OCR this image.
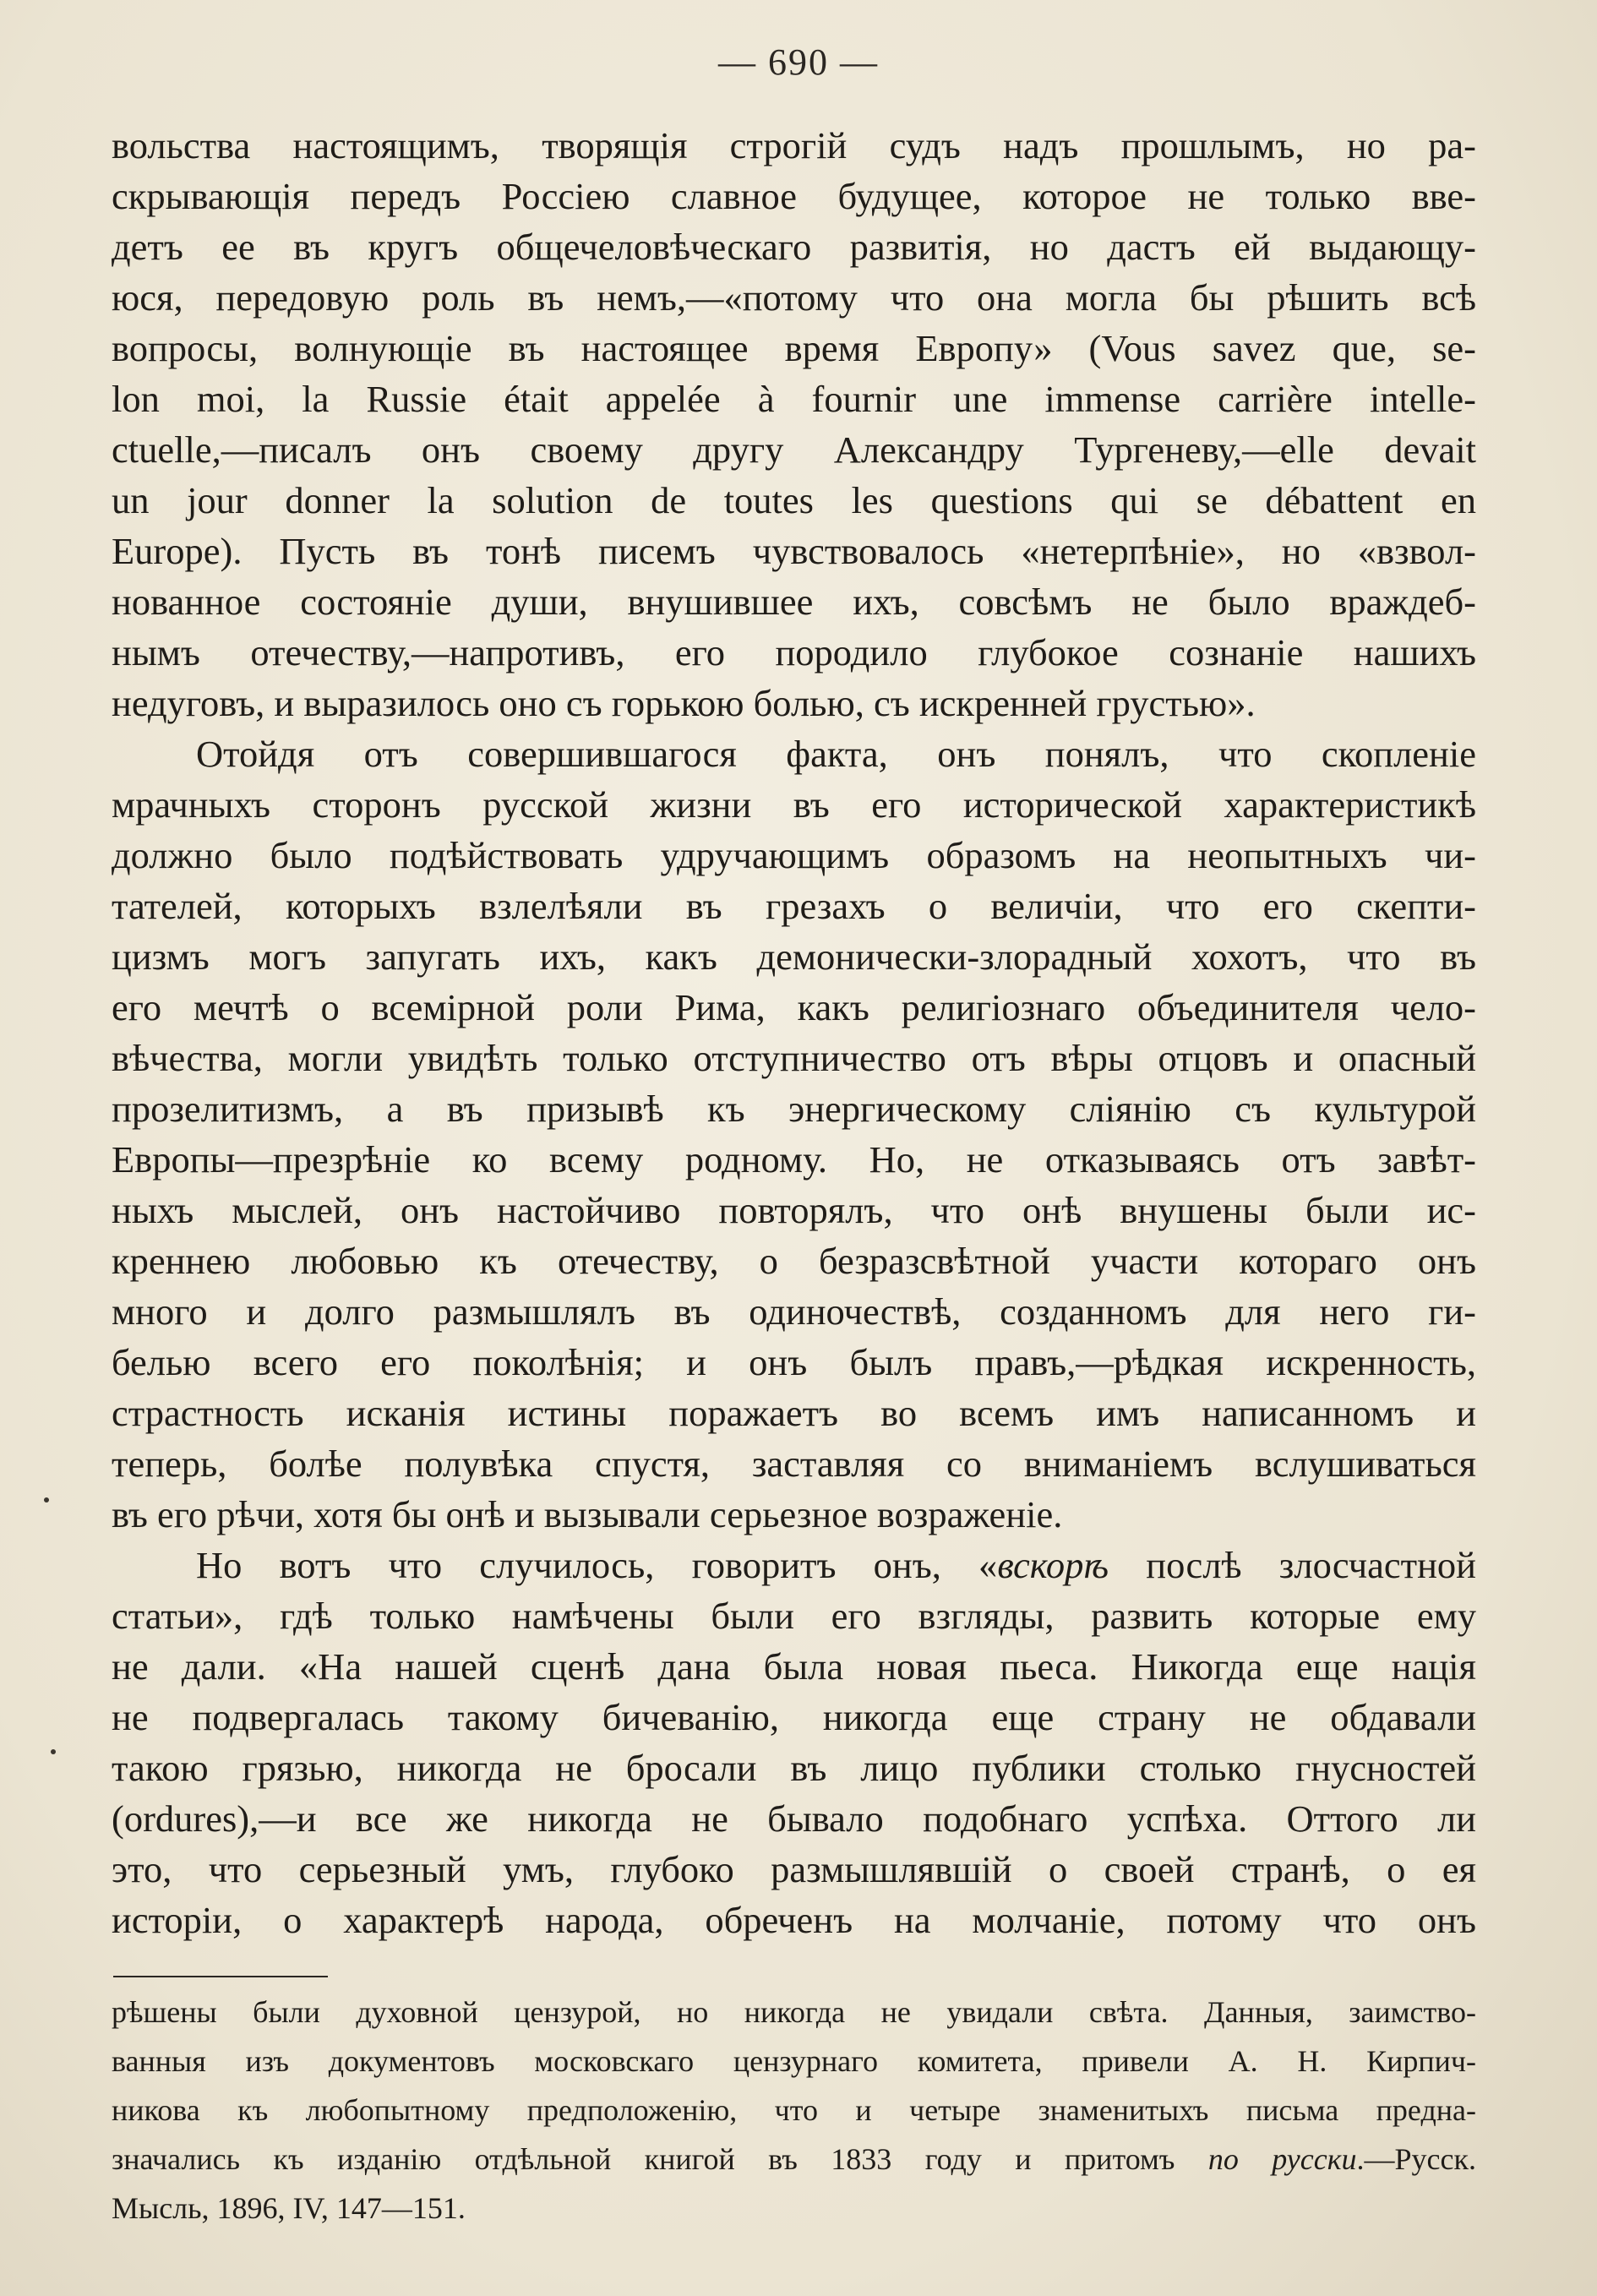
— 690 —
вольства настоящимъ, творящія строгій судъ надъ прошлымъ, но ра-
скрывающія передъ Россіею славное будущее, которое не только вве-
детъ ее въ кругъ общечеловѣческаго развитія, но дастъ ей выдающу-
юся, передовую роль въ немъ,—«потому что она могла бы рѣшить всѣ
вопросы, волнующіе въ настоящее время Европу» (Vous savez que, se-
lon moi, la Russie était appelée à fournir une immense carrière intelle-
ctuelle,—писалъ онъ своему другу Александру Тургеневу,—elle devait
un jour donner la solution de toutes les questions qui se débattent en
Europe). Пусть въ тонѣ писемъ чувствовалось «нетерпѣніе», но «взвол-
нованное состояніе души, внушившее ихъ, совсѣмъ не было враждеб-
нымъ отечеству,—напротивъ, его породило глубокое сознаніе нашихъ
недуговъ, и выразилось оно съ горькою болью, съ искренней грустью».
Отойдя отъ совершившагося факта, онъ понялъ, что скопленіе
мрачныхъ сторонъ русской жизни въ его исторической характеристикѣ
должно было подѣйствовать удручающимъ образомъ на неопытныхъ чи-
тателей, которыхъ взлелѣяли въ грезахъ о величіи, что его скепти-
цизмъ могъ запугать ихъ, какъ демонически-злорадный хохотъ, что въ
его мечтѣ о всемірной роли Рима, какъ религіознаго объединителя чело-
вѣчества, могли увидѣть только отступничество отъ вѣры отцовъ и опасный
прозелитизмъ, а въ призывѣ къ энергическому сліянію съ культурой
Европы—презрѣніе ко всему родному. Но, не отказываясь отъ завѣт-
ныхъ мыслей, онъ настойчиво повторялъ, что онѣ внушены были ис-
креннею любовью къ отечеству, о безразсвѣтной участи котораго онъ
много и долго размышлялъ въ одиночествѣ, созданномъ для него ги-
белью всего его поколѣнія; и онъ былъ правъ,—рѣдкая искренность,
страстность исканія истины поражаетъ во всемъ имъ написанномъ и
теперь, болѣе полувѣка спустя, заставляя со вниманіемъ вслушиваться
въ его рѣчи, хотя бы онѣ и вызывали серьезное возраженіе.
Но вотъ что случилось, говоритъ онъ, «вскорѣ послѣ злосчастной
статьи», гдѣ только намѣчены были его взгляды, развить которые ему
не дали. «На нашей сценѣ дана была новая пьеса. Никогда еще нація
не подвергалась такому бичеванію, никогда еще страну не обдавали
такою грязью, никогда не бросали въ лицо публики столько гнусностей
(ordures),—и все же никогда не бывало подобнаго успѣха. Оттого ли
это, что серьезный умъ, глубоко размышлявшій о своей странѣ, о ея
исторіи, о характерѣ народа, обреченъ на молчаніе, потому что онъ
рѣшены были духовной цензурой, но никогда не увидали свѣта. Данныя, заимство-
ванныя изъ документовъ московскаго цензурнаго комитета, привели А. Н. Кирпич-
никова къ любопытному предположенію, что и четыре знаменитыхъ письма предна-
значались къ изданію отдѣльной книгой въ 1833 году и притомъ по русски.—Русск.
Мысль, 1896, IV, 147—151.
